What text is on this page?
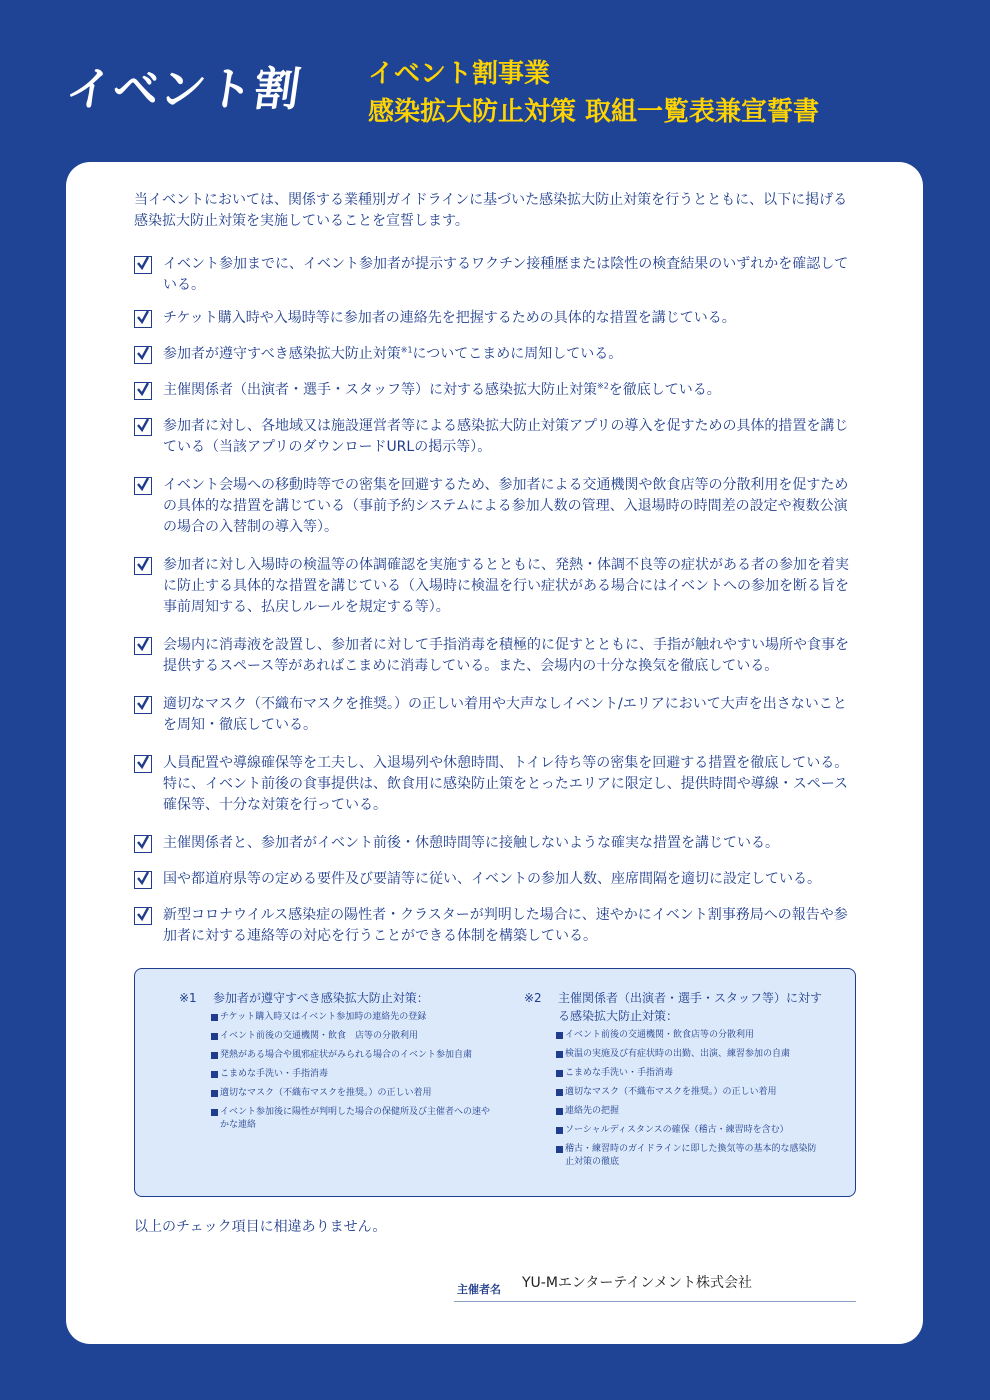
イベント割 イベント割事業
感染拡大防止対策 取組一覧表兼宣誓書
当イベントにおいては、関係する業種別ガイドラインに基づいた感染拡大防止対策を行うとともに、以下に掲げる感染拡大防止対策を実施していることを宣誓します。
イベント参加までに、イベント参加者が提示するワクチン接種歴または陰性の検査結果のいずれかを確認している。
チケット購入時や入場時等に参加者の連絡先を把握するための具体的な措置を講じている。
参加者が遵守すべき感染拡大防止対策$^{※1}$についてこまめに周知している。
主催関係者（出演者・選手・スタッフ等）に対する感染拡大防止対策$^{※2}$を徹底している。
参加者に対し、各地域又は施設運営者等による感染拡大防止対策アプリの導入を促すための具体的措置を講じている（当該アプリのダウンロードURLの掲示等）。
イベント会場への移動時等での密集を回避するため、参加者による交通機関や飲食店等の分散利用を促すための具体的な措置を講じている（事前予約システムによる参加人数の管理、入退場時の時間差の設定や複数公演の場合の入替制の導入等）。
参加者に対し入場時の検温等の体調確認を実施するとともに、発熱・体調不良等の症状がある者の参加を着実に防止する具体的な措置を講じている（入場時に検温を行い症状がある場合にはイベントへの参加を断る旨を事前周知する、払戻しルールを規定する等）。
会場内に消毒液を設置し、参加者に対して手指消毒を積極的に促すとともに、手指が触れやすい場所や食事を提供するスペース等があればこまめに消毒している。また、会場内の十分な換気を徹底している。
適切なマスク（不織布マスクを推奨。）の正しい着用や大声なしイベント/エリアにおいて大声を出さないことを周知・徹底している。
人員配置や導線確保等を工夫し、入退場列や休憩時間、トイレ待ち等の密集を回避する措置を徹底している。特に、イベント前後の食事提供は、飲食用に感染防止策をとったエリアに限定し、提供時間や導線・スペース確保等、十分な対策を行っている。
主催関係者と、参加者がイベント前後・休憩時間等に接触しないような確実な措置を講じている。
国や都道府県等の定める要件及び要請等に従い、イベントの参加人数、座席間隔を適切に設定している。
新型コロナウイルス感染症の陽性者・クラスターが判明した場合に、速やかにイベント割事務局への報告や参加者に対する連絡等の対応を行うことができる体制を構築している。
※1	参加者が遵守すべき感染拡大防止対策：
チケット購入時又はイベント参加時の連絡先の登録
イベント前後の交通機関・飲食　店等の分散利用
発熱がある場合や風邪症状がみられる場合のイベント参加自粛
こまめな手洗い・手指消毒
適切なマスク（不織布マスクを推奨。）の正しい着用
イベント参加後に陽性が判明した場合の保健所及び主催者への速やかな連絡
※2	主催関係者（出演者・選手・スタッフ等）に対する感染拡大防止対策：
イベント前後の交通機関・飲食店等の分散利用
検温の実施及び有症状時の出勤、出演、練習参加の自粛
こまめな手洗い・手指消毒
適切なマスク（不織布マスクを推奨。）の正しい着用
連絡先の把握
ソーシャルディスタンスの確保（稽古・練習時を含む）
稽古・練習時のガイドラインに即した換気等の基本的な感染防止対策の徹底
以上のチェック項目に相違ありません。
主催者名 YU-Mエンターテインメント株式会社
